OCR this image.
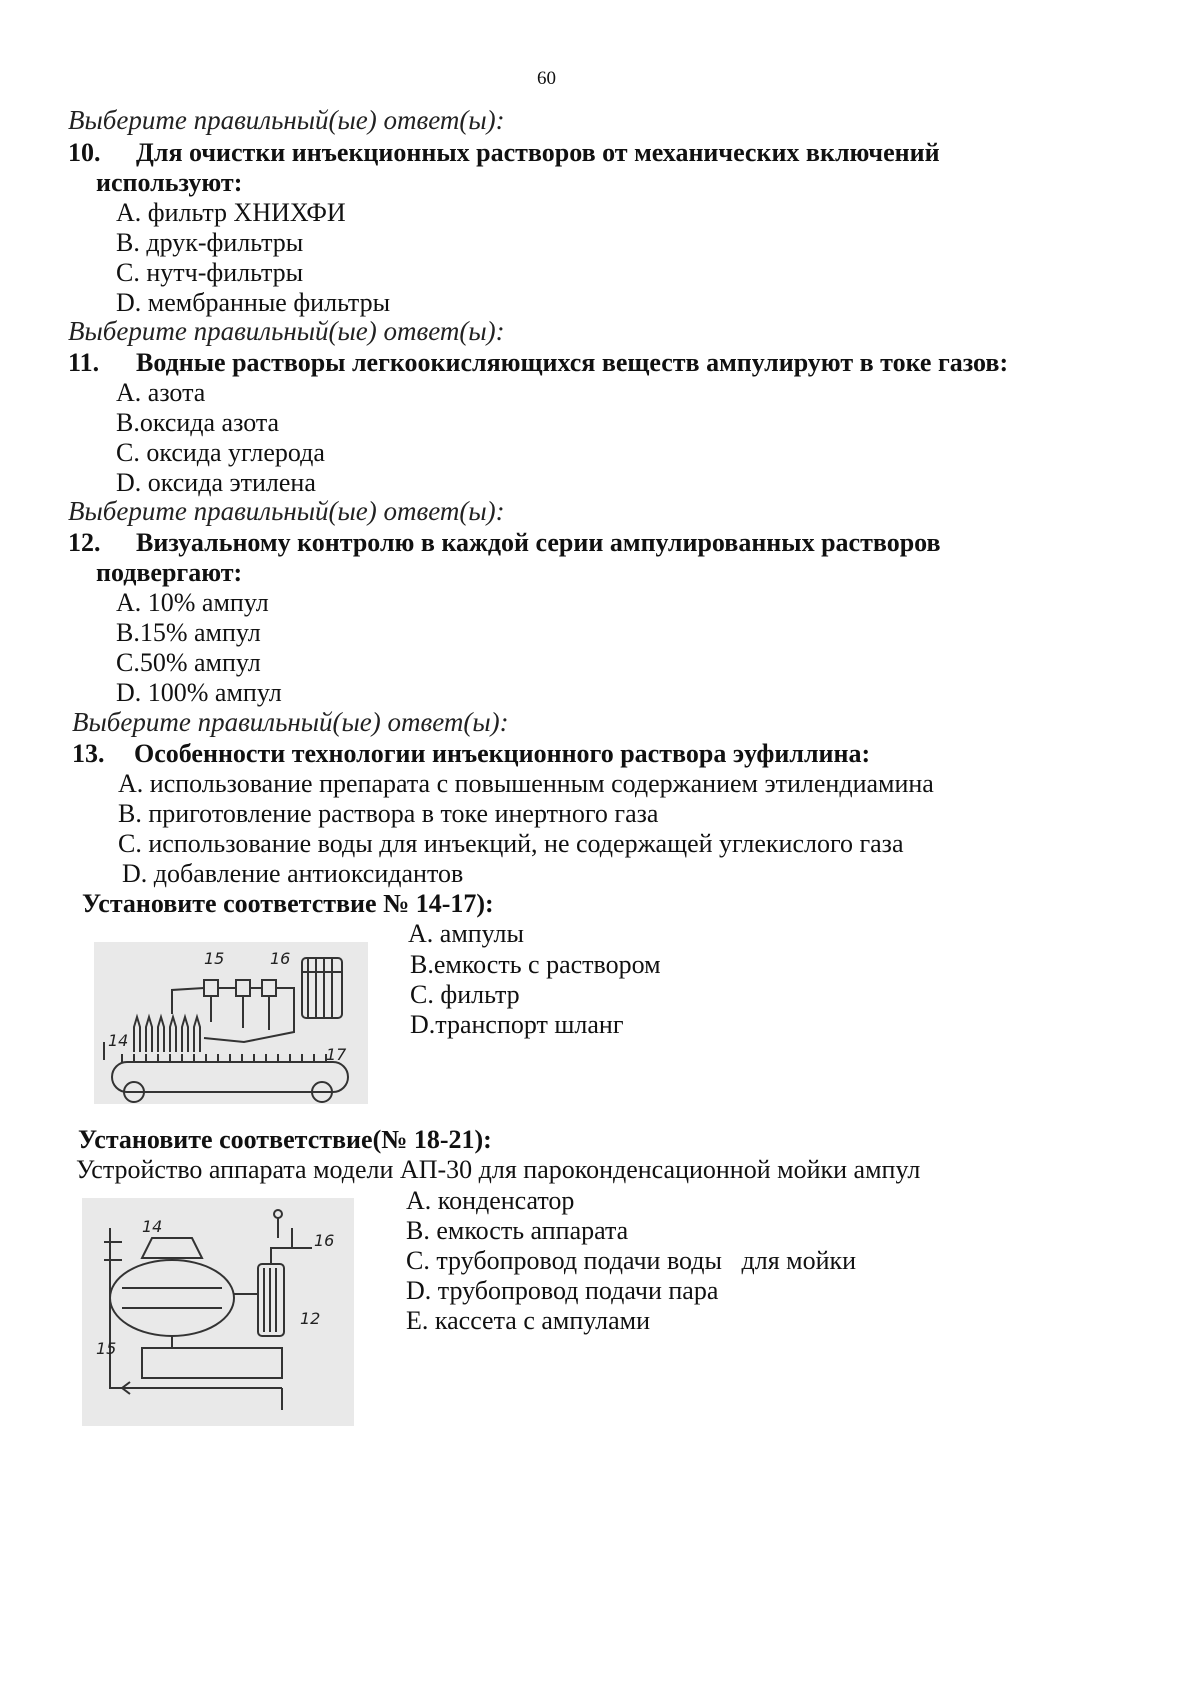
60
Выберите правильный(ые) ответ(ы):
10. Для очистки инъекционных растворов от механических включений
используют:
А. фильтр ХНИХФИ
В. друк-фильтры
С. нутч-фильтры
D. мембранные фильтры
Выберите правильный(ые) ответ(ы):
11. Водные растворы легкоокисляющихся веществ ампулируют в токе газов:
А. азота
В.оксида азота
С. оксида углерода
D. оксида этилена
Выберите правильный(ые) ответ(ы):
12. Визуальному контролю в каждой серии ампулированных растворов
подвергают:
А. 10% ампул
В.15% ампул
С.50% ампул
D. 100% ампул
Выберите правильный(ые) ответ(ы):
13. Особенности технологии инъекционного раствора эуфиллина:
А. использование препарата с повышенным содержанием этилендиамина
В. приготовление раствора в токе инертного газа
С. использование воды для инъекций, не содержащей углекислого газа
D. добавление антиоксидантов
Установите соответствие № 14-17):
15	16
14
17
А. ампулы
В.емкость с раствором
С. фильтр
D.транспорт шланг
Установите соответствие(№ 18-21):
Устройство аппарата модели АП-30 для пароконденсационной мойки ампул
14
16
12
15
А. конденсатор
В. емкость аппарата
С. трубопровод подачи воды   для мойки
D. трубопровод подачи пара
Е. кассета с ампулами
